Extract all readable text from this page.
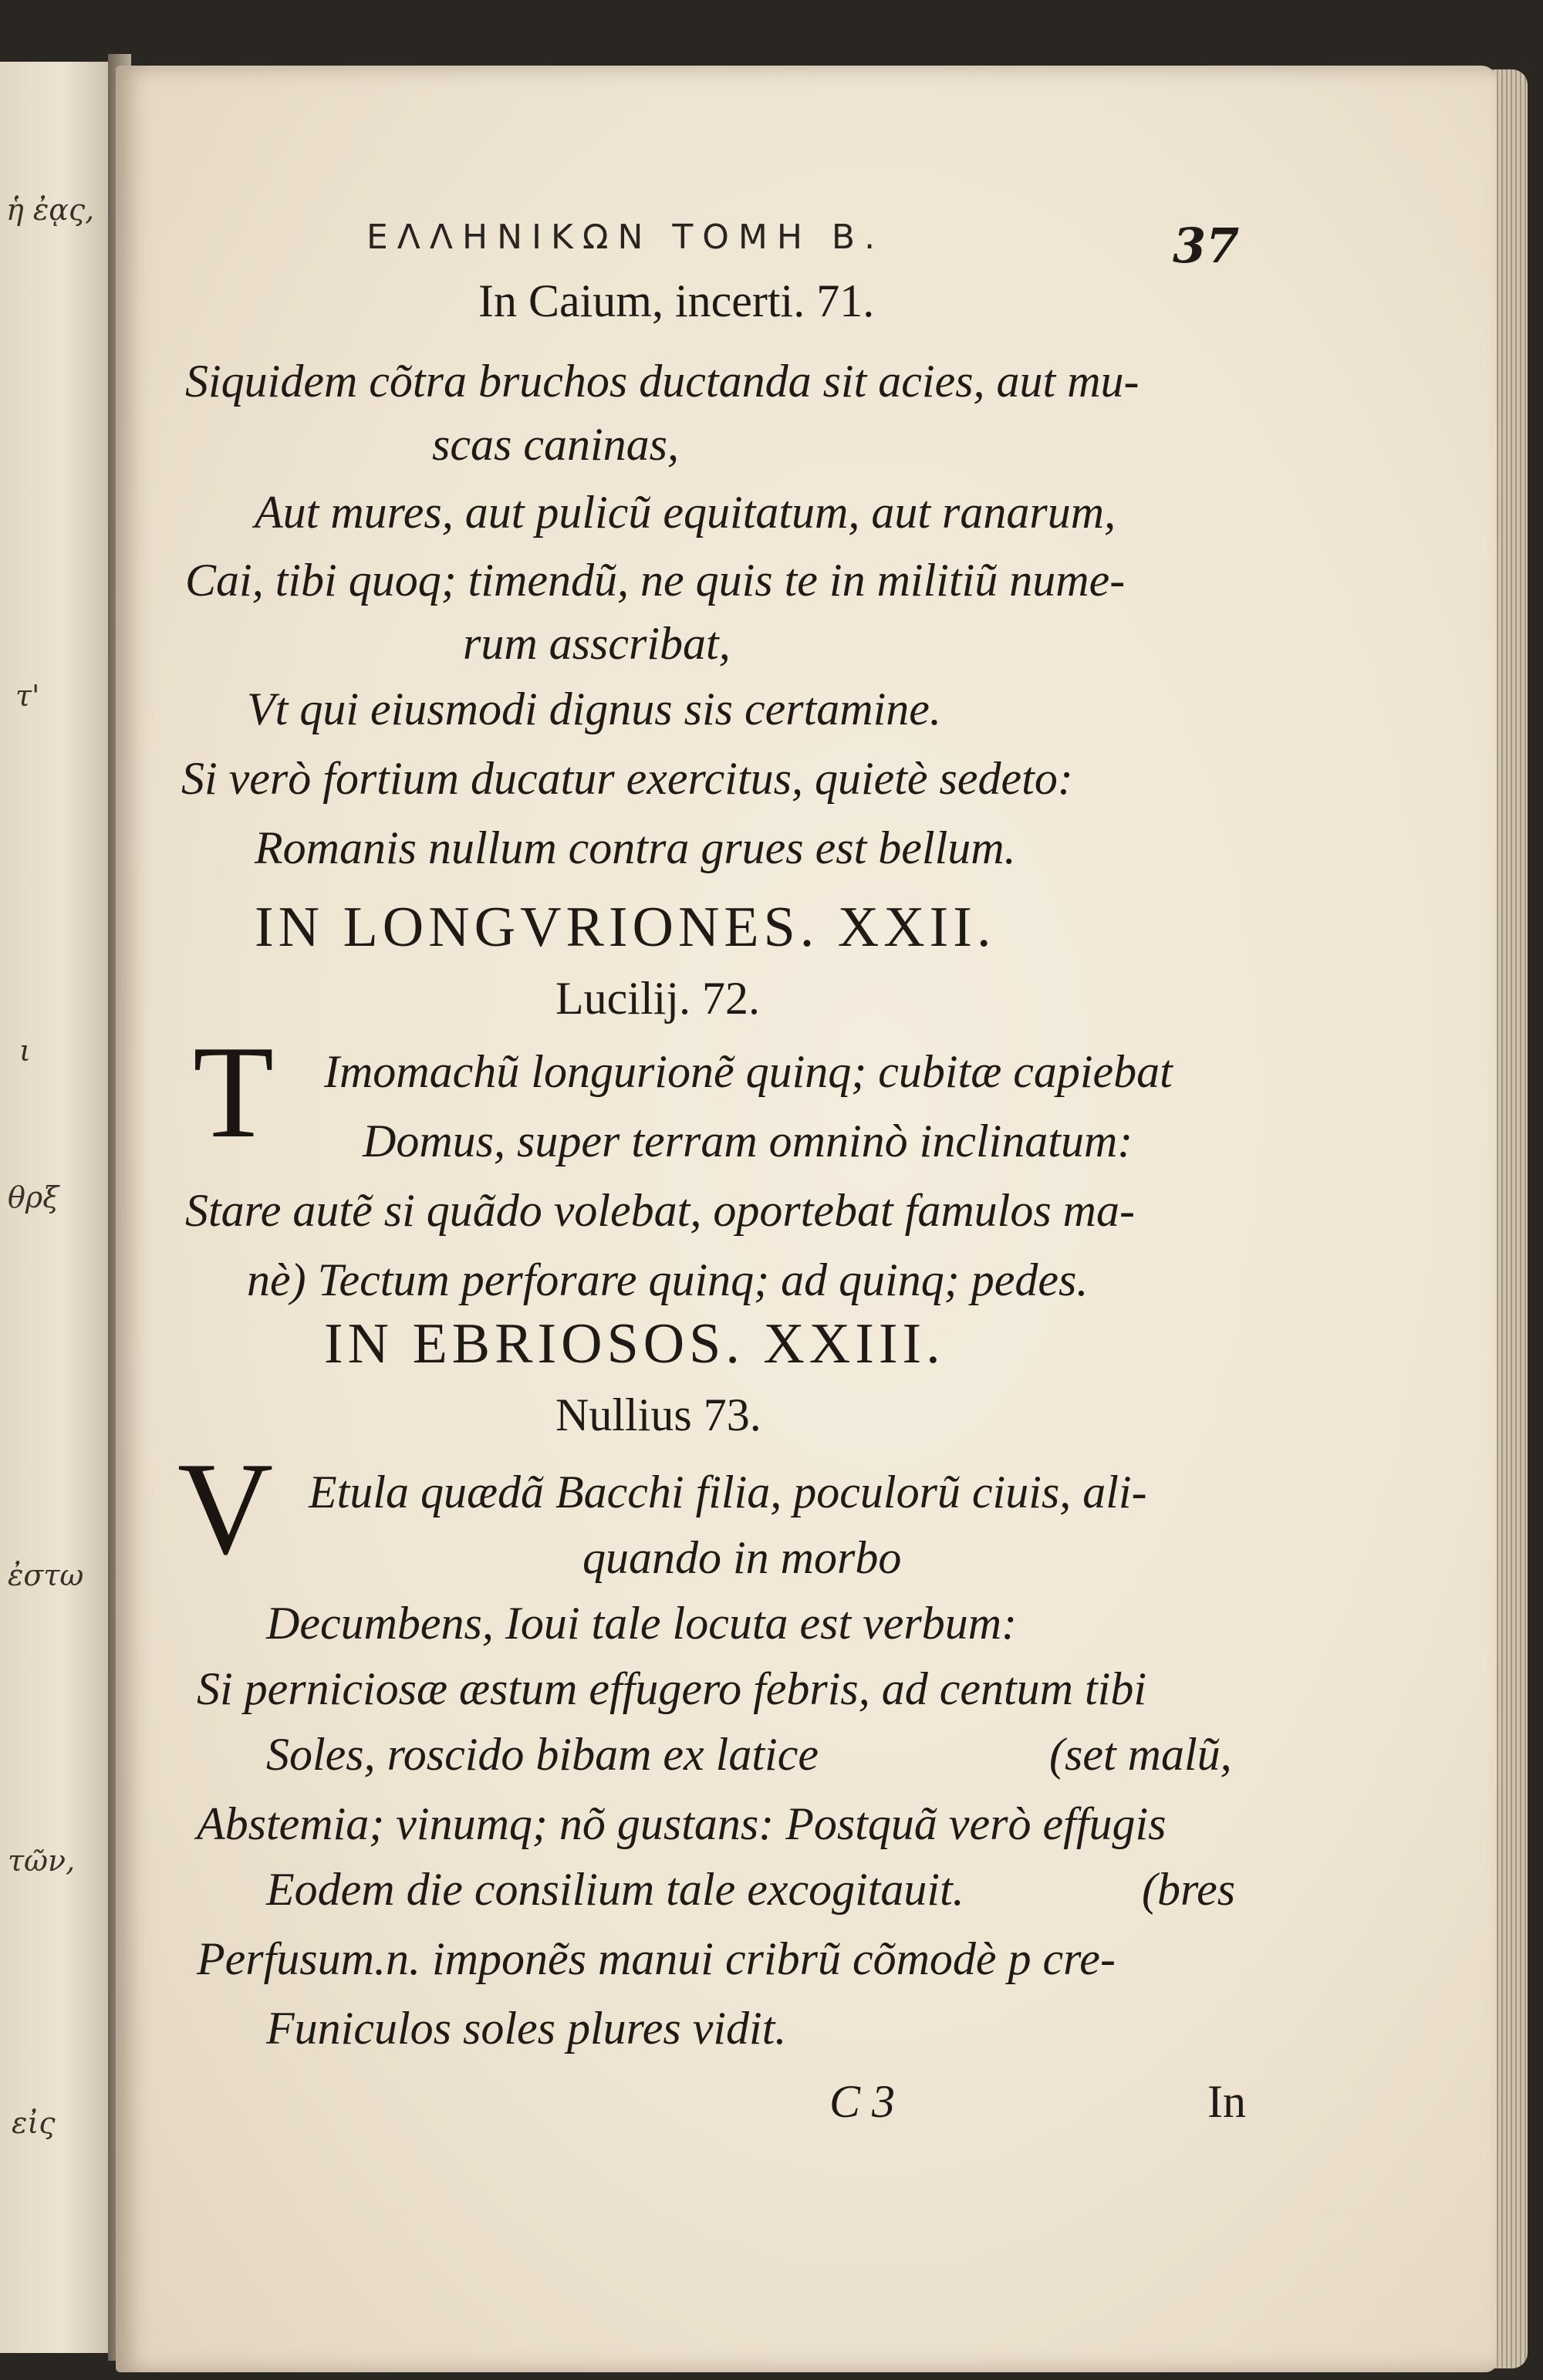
ἡ ἐᾳς,
τ'
ι
θρξ
ἐστω
τῶν,
εἰς
ΕΛΛΗΝΙΚΩΝ ΤΟΜΗ Β.	37
In Caium, incerti. 71.
Siquidem cõtra bruchos ductanda sit acies, aut mu-
scas caninas,
Aut mures, aut pulicũ equitatum, aut ranarum,
Cai, tibi quoq; timendũ, ne quis te in militiũ nume-
rum asscribat,
Vt qui eiusmodi dignus sis certamine.
Si verò fortium ducatur exercitus, quietè sedeto:
Romanis nullum contra grues est bellum.
IN LONGVRIONES. XXII.
Lucilij. 72.
T Imomachũ longurionẽ quinq; cubitæ capiebat
Domus, super terram omninò inclinatum:
Stare autẽ si quãdo volebat, oportebat famulos ma-
nè) Tectum perforare quinq; ad quinq; pedes.
IN EBRIOSOS. XXIII.
Nullius 73.
V Etula quædã Bacchi filia, poculorũ ciuis, ali-
quando in morbo
Decumbens, Ioui tale locuta est verbum:
Si perniciosæ æstum effugero febris, ad centum tibi
Soles, roscido bibam ex latice	(set malũ,
Abstemia; vinumq; nõ gustans: Postquã verò effugis
Eodem die consilium tale excogitauit.	(bres
Perfusum.n. imponẽs manui cribrũ cõmodè p cre-
Funiculos soles plures vidit.
C 3	In
